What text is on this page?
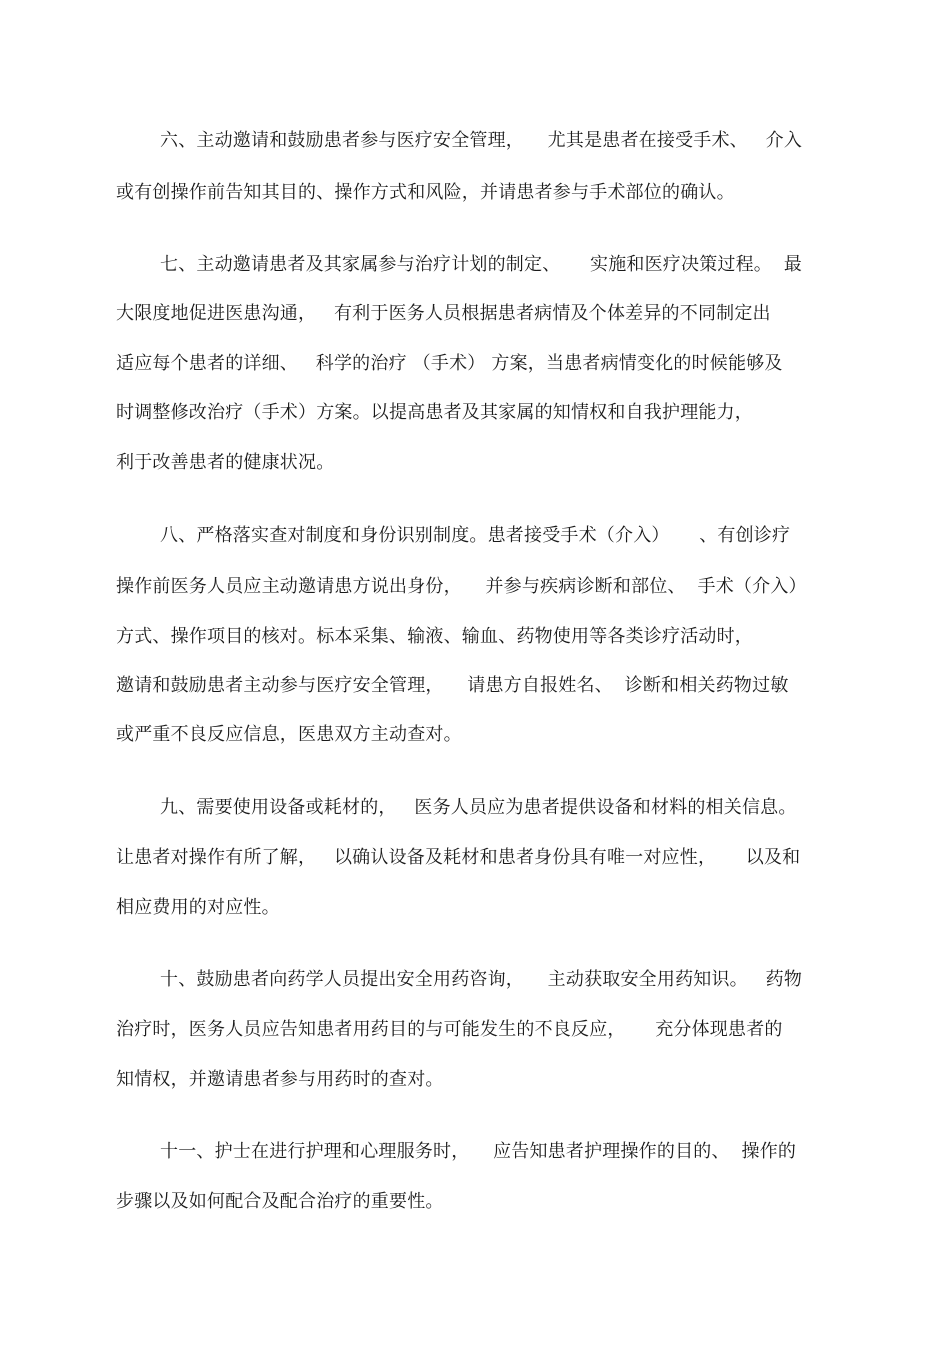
六、主动邀请和鼓励患者参与医疗安全管理，    尤其是患者在接受手术、   介入
或有创操作前告知其目的、操作方式和风险，并请患者参与手术部位的确认。
七、主动邀请患者及其家属参与治疗计划的制定、     实施和医疗决策过程。  最
大限度地促进医患沟通，   有利于医务人员根据患者病情及个体差异的不同制定出
适应每个患者的详细、   科学的治疗 （手术） 方案，当患者病情变化的时候能够及
时调整修改治疗（手术）方案。以提高患者及其家属的知情权和自我护理能力，
利于改善患者的健康状况。
八、严格落实查对制度和身份识别制度。患者接受手术（介入）     、有创诊疗
操作前医务人员应主动邀请患方说出身份，    并参与疾病诊断和部位、  手术（介入）
方式、操作项目的核对。标本采集、输液、输血、药物使用等各类诊疗活动时，
邀请和鼓励患者主动参与医疗安全管理，    请患方自报姓名、  诊断和相关药物过敏
或严重不良反应信息，医患双方主动查对。
九、需要使用设备或耗材的，   医务人员应为患者提供设备和材料的相关信息。
让患者对操作有所了解，   以确认设备及耗材和患者身份具有唯一对应性，     以及和
相应费用的对应性。
十、鼓励患者向药学人员提出安全用药咨询，    主动获取安全用药知识。   药物
治疗时，医务人员应告知患者用药目的与可能发生的不良反应，     充分体现患者的
知情权，并邀请患者参与用药时的查对。
十一、护士在进行护理和心理服务时，    应告知患者护理操作的目的、  操作的
步骤以及如何配合及配合治疗的重要性。
